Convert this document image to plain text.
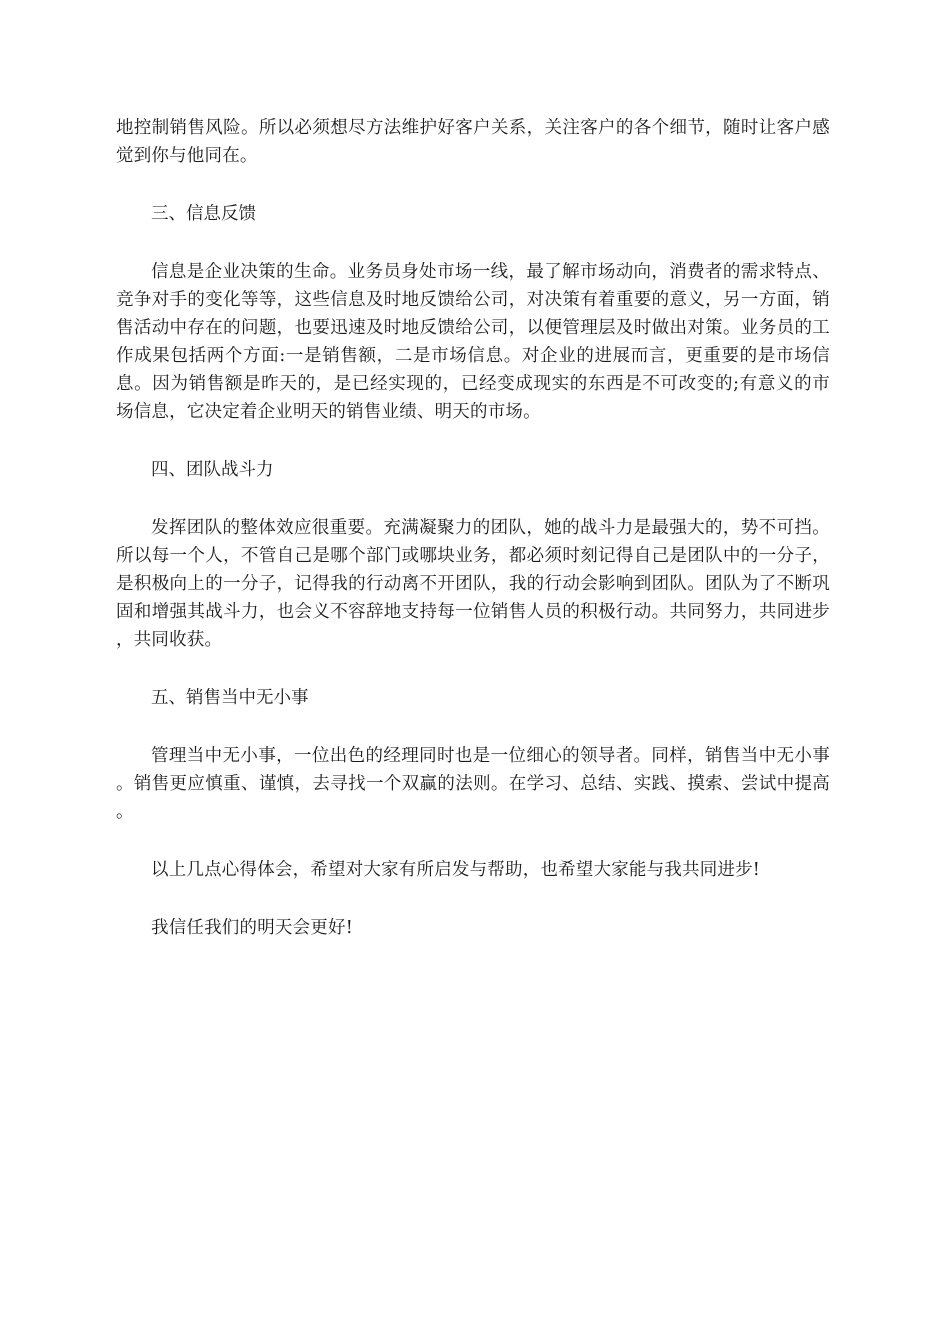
地控制销售风险。所以必须想尽方法维护好客户关系，关注客户的各个细节，随时让客户感觉到你与他同在。

三、信息反馈

信息是企业决策的生命。业务员身处市场一线，最了解市场动向，消费者的需求特点、竞争对手的变化等等，这些信息及时地反馈给公司，对决策有着重要的意义，另一方面，销售活动中存在的问题，也要迅速及时地反馈给公司，以便管理层及时做出对策。业务员的工作成果包括两个方面:一是销售额，二是市场信息。对企业的进展而言，更重要的是市场信息。因为销售额是昨天的，是已经实现的，已经变成现实的东西是不可改变的;有意义的市场信息，它决定着企业明天的销售业绩、明天的市场。

四、团队战斗力

发挥团队的整体效应很重要。充满凝聚力的团队，她的战斗力是最强大的，势不可挡。所以每一个人，不管自己是哪个部门或哪块业务，都必须时刻记得自己是团队中的一分子，是积极向上的一分子，记得我的行动离不开团队，我的行动会影响到团队。团队为了不断巩固和增强其战斗力，也会义不容辞地支持每一位销售人员的积极行动。共同努力，共同进步，共同收获。

五、销售当中无小事

管理当中无小事，一位出色的经理同时也是一位细心的领导者。同样，销售当中无小事。销售更应慎重、谨慎，去寻找一个双赢的法则。在学习、总结、实践、摸索、尝试中提高。

以上几点心得体会，希望对大家有所启发与帮助，也希望大家能与我共同进步!

我信任我们的明天会更好!
